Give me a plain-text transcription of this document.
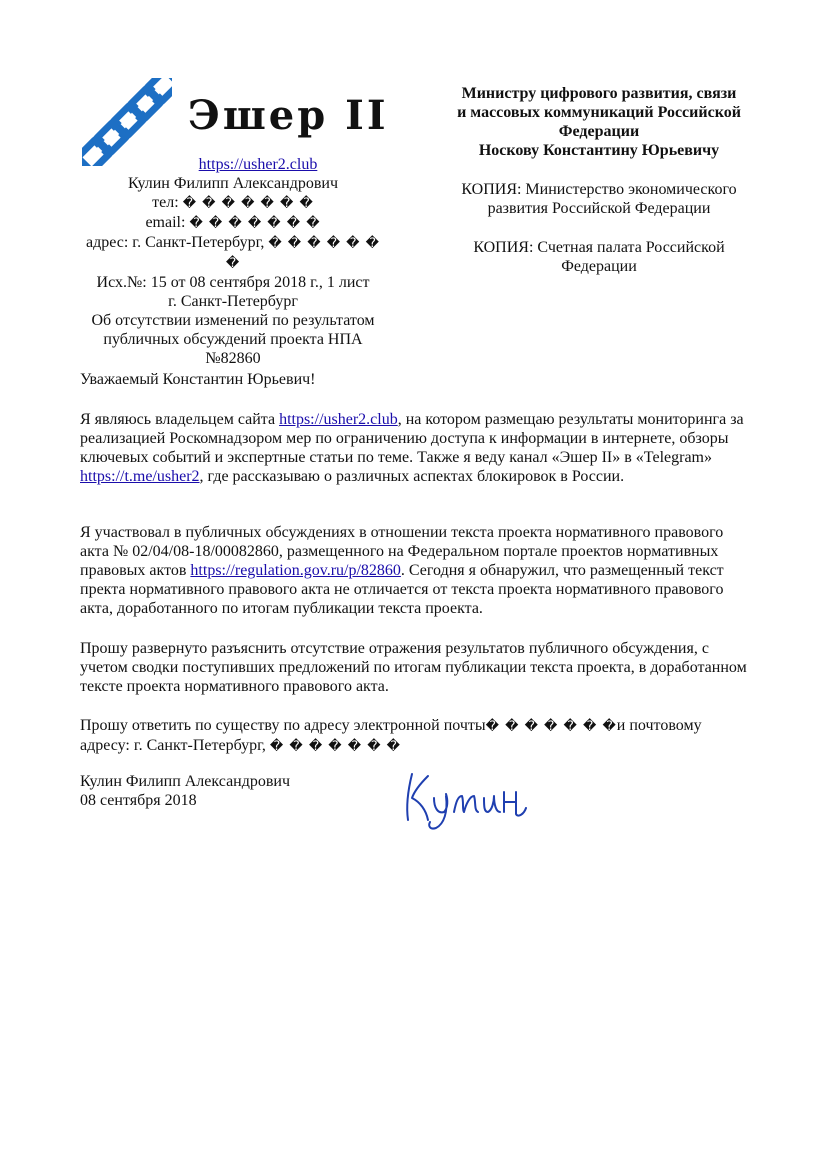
Эшер II
https://usher2.club
Кулин Филипп Александрович
тел: � � � � � � �
email: � � � � � � �
адрес: г. Санкт-Петербург, � � � � � � �
Исх.№: 15 от 08 сентября 2018 г., 1 лист
г. Санкт-Петербург
Об отсутствии изменений по результатом публичных обсуждений проекта НПА №82860
Министру цифрового развития, связи
и массовых коммуникаций Российской
Федерации
Носкову Константину Юрьевичу
КОПИЯ: Министерство экономического развития Российской Федерации
КОПИЯ: Счетная палата Российской Федерации
Уважаемый Константин Юрьевич!
Я являюсь владельцем сайта https://usher2.club, на котором размещаю результаты мониторинга за реализацией Роскомнадзором мер по ограничению доступа к информации в интернете, обзоры ключевых событий и экспертные статьи по теме. Также я веду канал «Эшер II» в «Telegram» https://t.me/usher2, где рассказываю о различных аспектах блокировок в России.
Я участвовал в публичных обсуждениях в отношении текста проекта нормативного правового акта № 02/04/08-18/00082860, размещенного на Федеральном портале проектов нормативных правовых актов https://regulation.gov.ru/p/82860. Сегодня я обнаружил, что размещенный текст пректа нормативного правового акта не отличается от текста проекта нормативного правового акта, доработанного по итогам публикации текста проекта.
Прошу развернуто разъяснить отсутствие отражения результатов публичного обсуждения, с учетом сводки поступивших предложений по итогам публикации текста проекта, в доработанном тексте проекта нормативного правового акта.
Прошу ответить по существу по адресу электронной почты� � � � � � �и почтовому адресу: г. Санкт-Петербург, � � � � � � �
Кулин Филипп Александрович
08 сентября 2018
